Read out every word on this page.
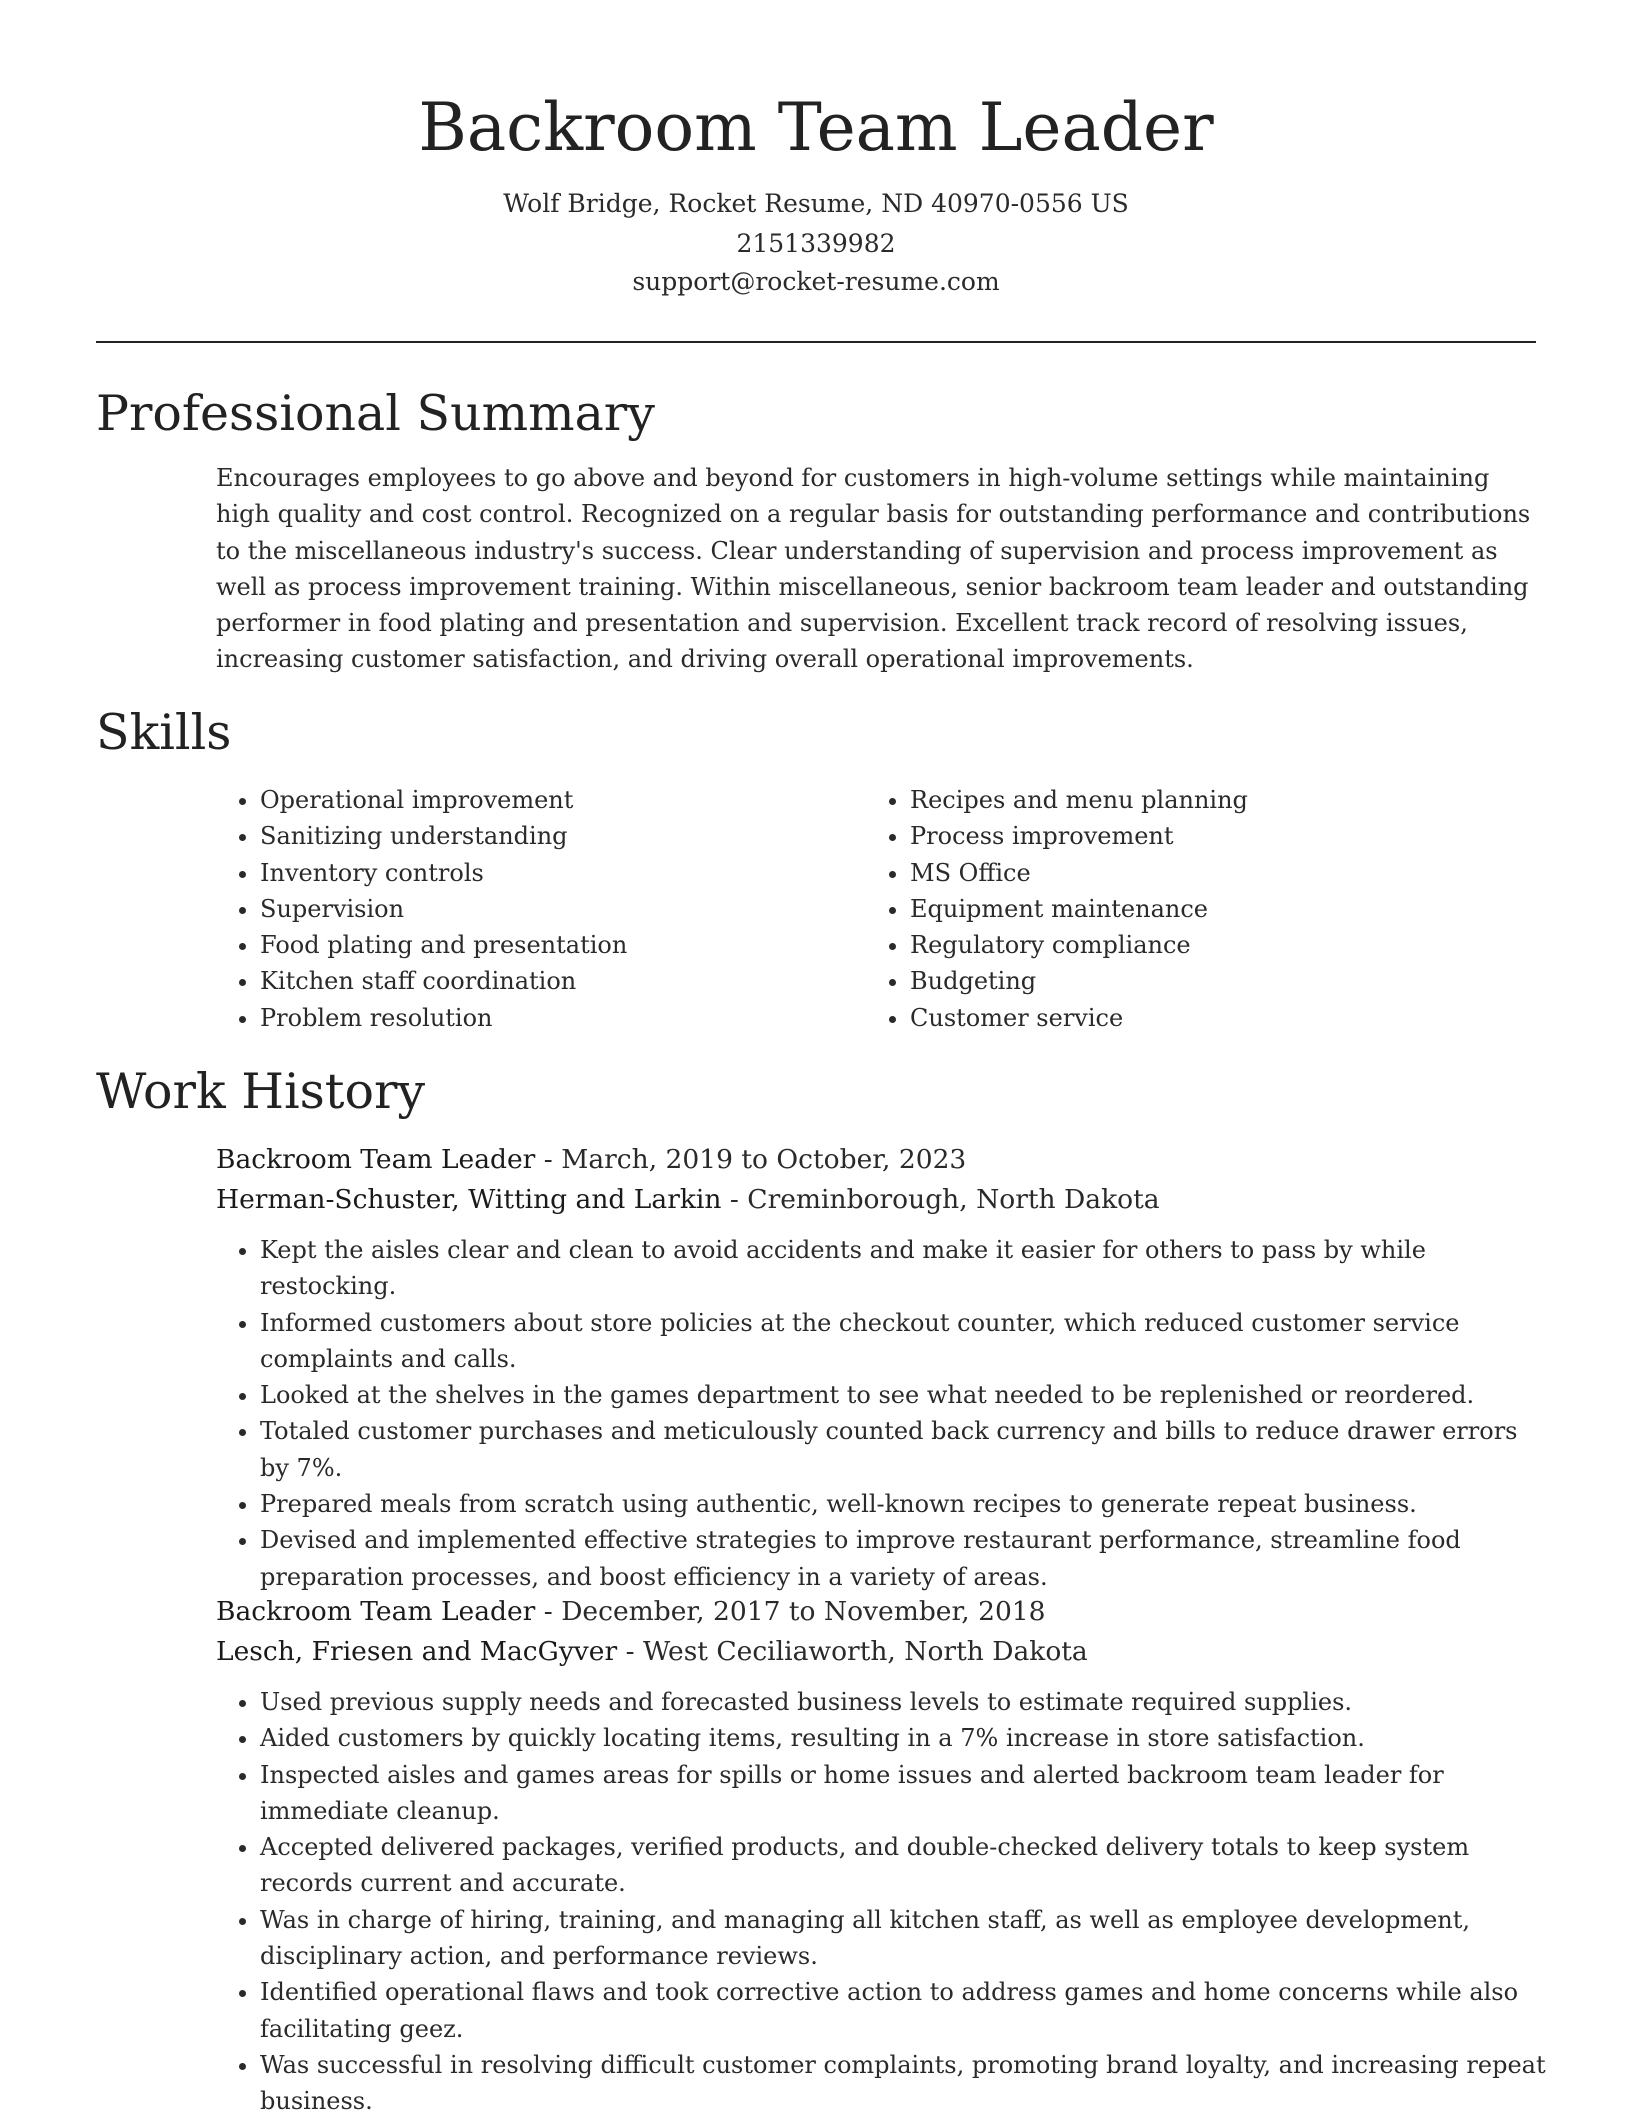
Backroom Team Leader
Wolf Bridge, Rocket Resume, ND 40970-0556 US
2151339982
support@rocket-resume.com
Professional Summary

Encourages employees to go above and beyond for customers in high-volume settings while maintaining high quality and cost control. Recognized on a regular basis for outstanding performance and contributions to the miscellaneous industry's success. Clear understanding of supervision and process improvement as well as process improvement training. Within miscellaneous, senior backroom team leader and outstanding performer in food plating and presentation and supervision. Excellent track record of resolving issues, increasing customer satisfaction, and driving overall operational improvements.

Skills
• Operational improvement
• Sanitizing understanding
• Inventory controls
• Supervision
• Food plating and presentation
• Kitchen staff coordination
• Problem resolution
• Recipes and menu planning
• Process improvement
• MS Office
• Equipment maintenance
• Regulatory compliance
• Budgeting
• Customer service
Work History
Backroom Team Leader - March, 2019 to October, 2023
Herman-Schuster, Witting and Larkin - Creminborough, North Dakota
• Kept the aisles clear and clean to avoid accidents and make it easier for others to pass by while restocking.
• Informed customers about store policies at the checkout counter, which reduced customer service complaints and calls.
• Looked at the shelves in the games department to see what needed to be replenished or reordered.
• Totaled customer purchases and meticulously counted back currency and bills to reduce drawer errors by 7%.
• Prepared meals from scratch using authentic, well-known recipes to generate repeat business.
• Devised and implemented effective strategies to improve restaurant performance, streamline food preparation processes, and boost efficiency in a variety of areas.
Backroom Team Leader - December, 2017 to November, 2018
Lesch, Friesen and MacGyver - West Ceciliaworth, North Dakota
• Used previous supply needs and forecasted business levels to estimate required supplies.
• Aided customers by quickly locating items, resulting in a 7% increase in store satisfaction.
• Inspected aisles and games areas for spills or home issues and alerted backroom team leader for immediate cleanup.
• Accepted delivered packages, verified products, and double-checked delivery totals to keep system records current and accurate.
• Was in charge of hiring, training, and managing all kitchen staff, as well as employee development, disciplinary action, and performance reviews.
• Identified operational flaws and took corrective action to address games and home concerns while also facilitating geez.
• Was successful in resolving difficult customer complaints, promoting brand loyalty, and increasing repeat business.
